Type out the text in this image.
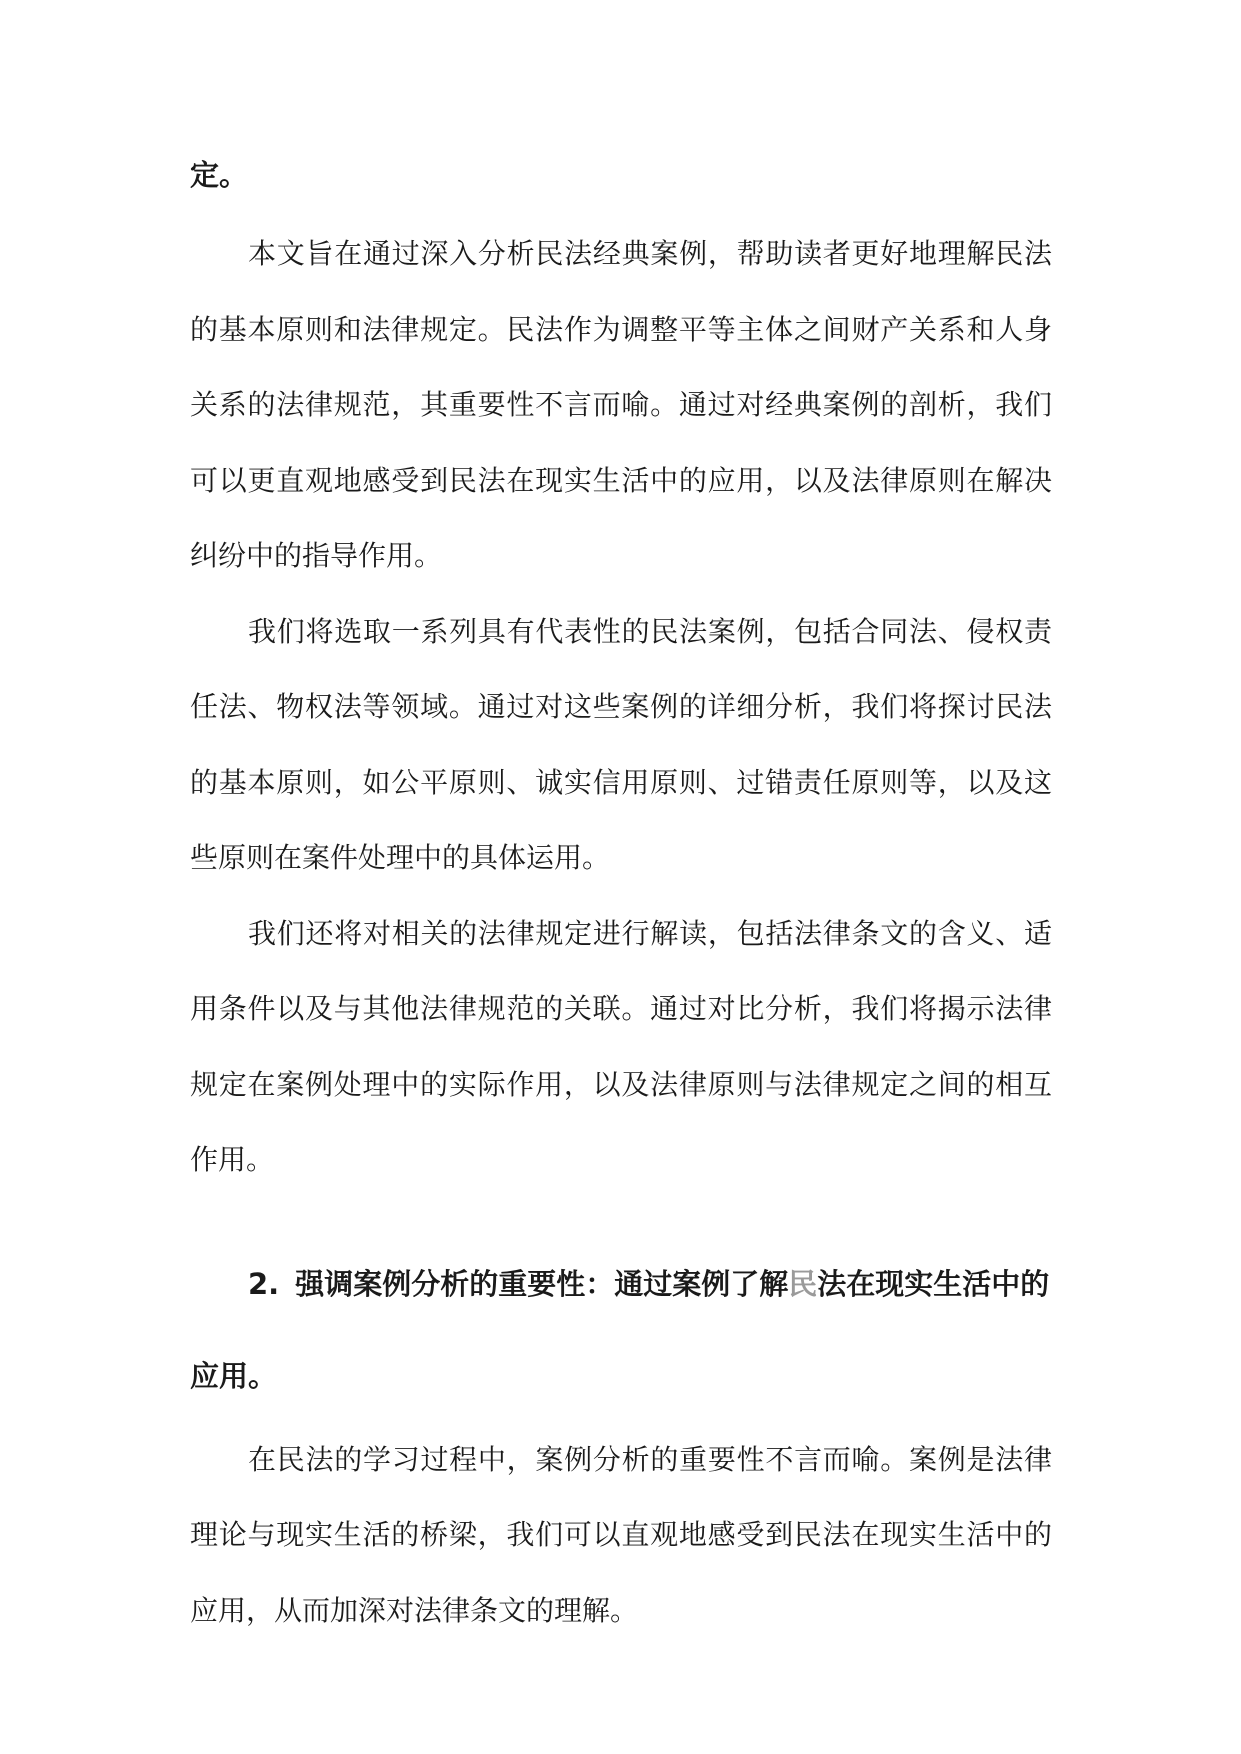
定。

本文旨在通过深入分析民法经典案例，帮助读者更好地理解民法的基本原则和法律规定。民法作为调整平等主体之间财产关系和人身关系的法律规范，其重要性不言而喻。通过对经典案例的剖析，我们可以更直观地感受到民法在现实生活中的应用，以及法律原则在解决纠纷中的指导作用。

我们将选取一系列具有代表性的民法案例，包括合同法、侵权责任法、物权法等领域。通过对这些案例的详细分析，我们将探讨民法的基本原则，如公平原则、诚实信用原则、过错责任原则等，以及这些原则在案件处理中的具体运用。

我们还将对相关的法律规定进行解读，包括法律条文的含义、适用条件以及与其他法律规范的关联。通过对比分析，我们将揭示法律规定在案例处理中的实际作用，以及法律原则与法律规定之间的相互作用。

2. 强调案例分析的重要性：通过案例了解民法在现实生活中的应用。

在民法的学习过程中，案例分析的重要性不言而喻。案例是法律理论与现实生活的桥梁，我们可以直观地感受到民法在现实生活中的应用，从而加深对法律条文的理解。
